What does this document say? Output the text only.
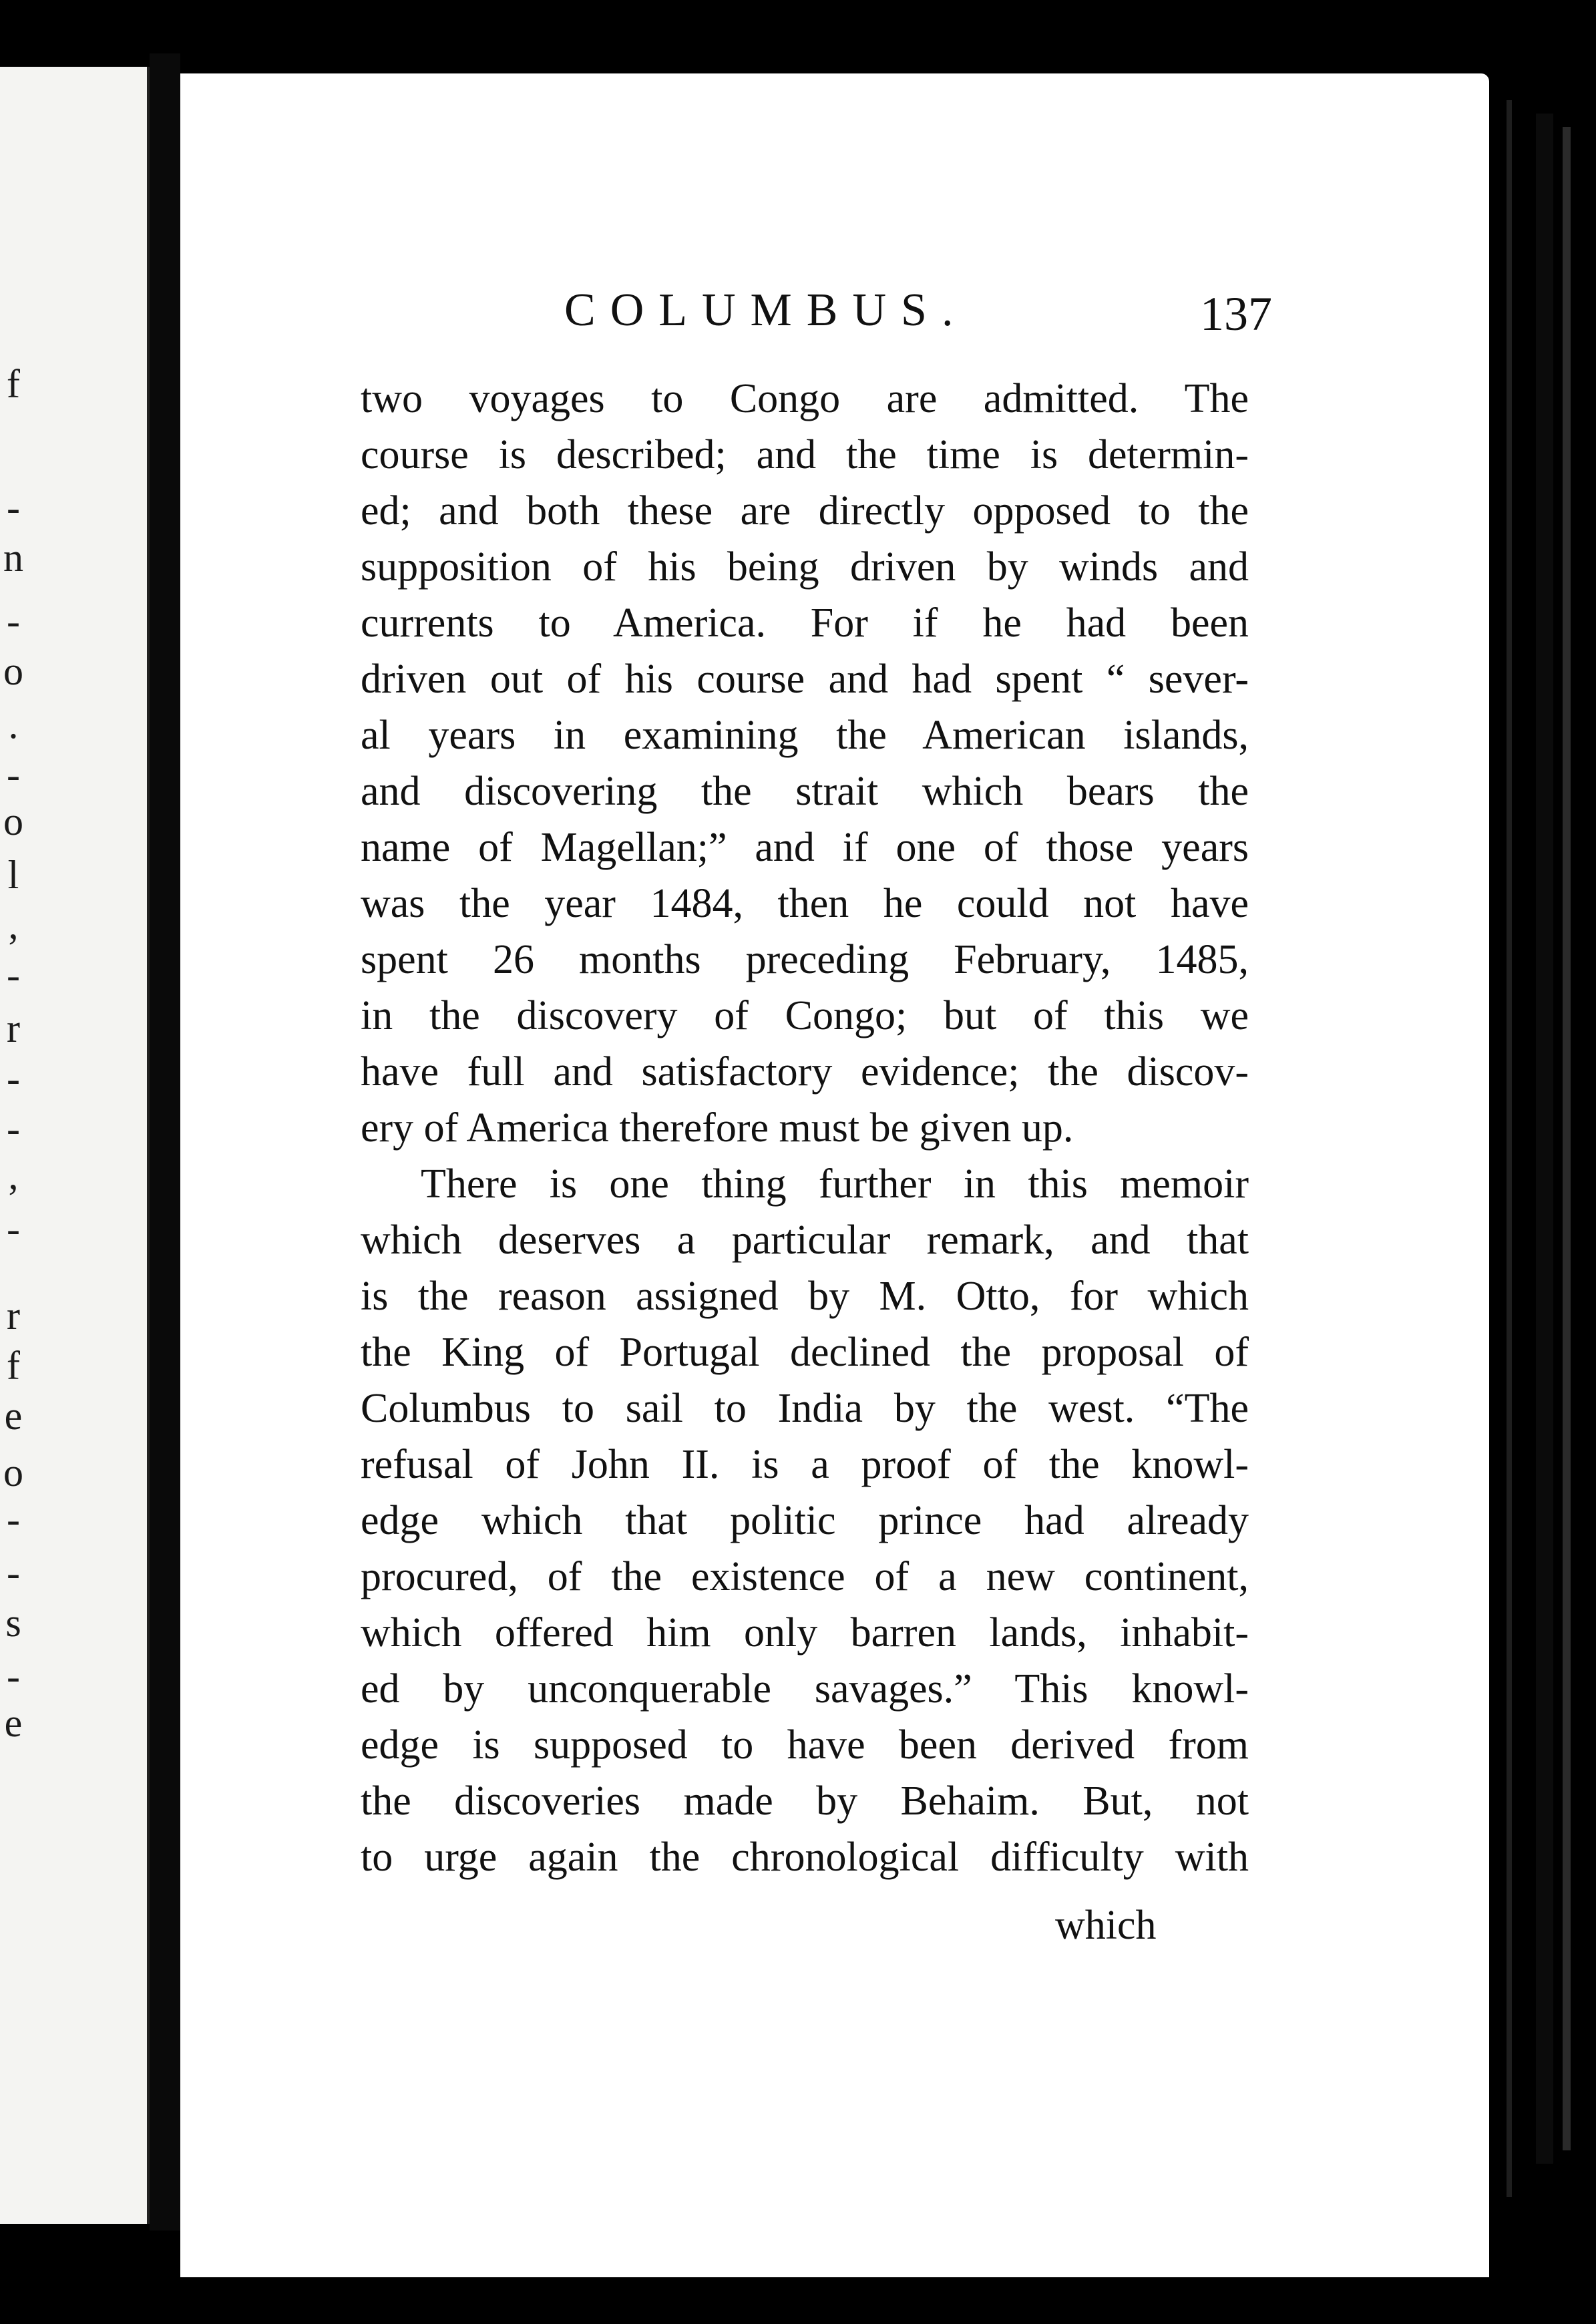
f
-
n
-
o
.
-
o
l
,
-
r
-
-
,
-
r
f
e
o
-
-
s
-
e
COLUMBUS.	137
two voyages to Congo are admitted. The
course is described; and the time is determin-
ed; and both these are directly opposed to the
supposition of his being driven by winds and
currents to America. For if he had been
driven out of his course and had spent “ sever-
al years in examining the American islands,
and discovering the strait which bears the
name of Magellan;” and if one of those years
was the year 1484, then he could not have
spent 26 months preceding February, 1485,
in the discovery of Congo; but of this we
have full and satisfactory evidence; the discov-
ery of America therefore must be given up.
There is one thing further in this memoir
which deserves a particular remark, and that
is the reason assigned by M. Otto, for which
the King of Portugal declined the proposal of
Columbus to sail to India by the west. “The
refusal of John II. is a proof of the knowl-
edge which that politic prince had already
procured, of the existence of a new continent,
which offered him only barren lands, inhabit-
ed by unconquerable savages.” This knowl-
edge is supposed to have been derived from
the discoveries made by Behaim. But, not
to urge again the chronological difficulty with
which
